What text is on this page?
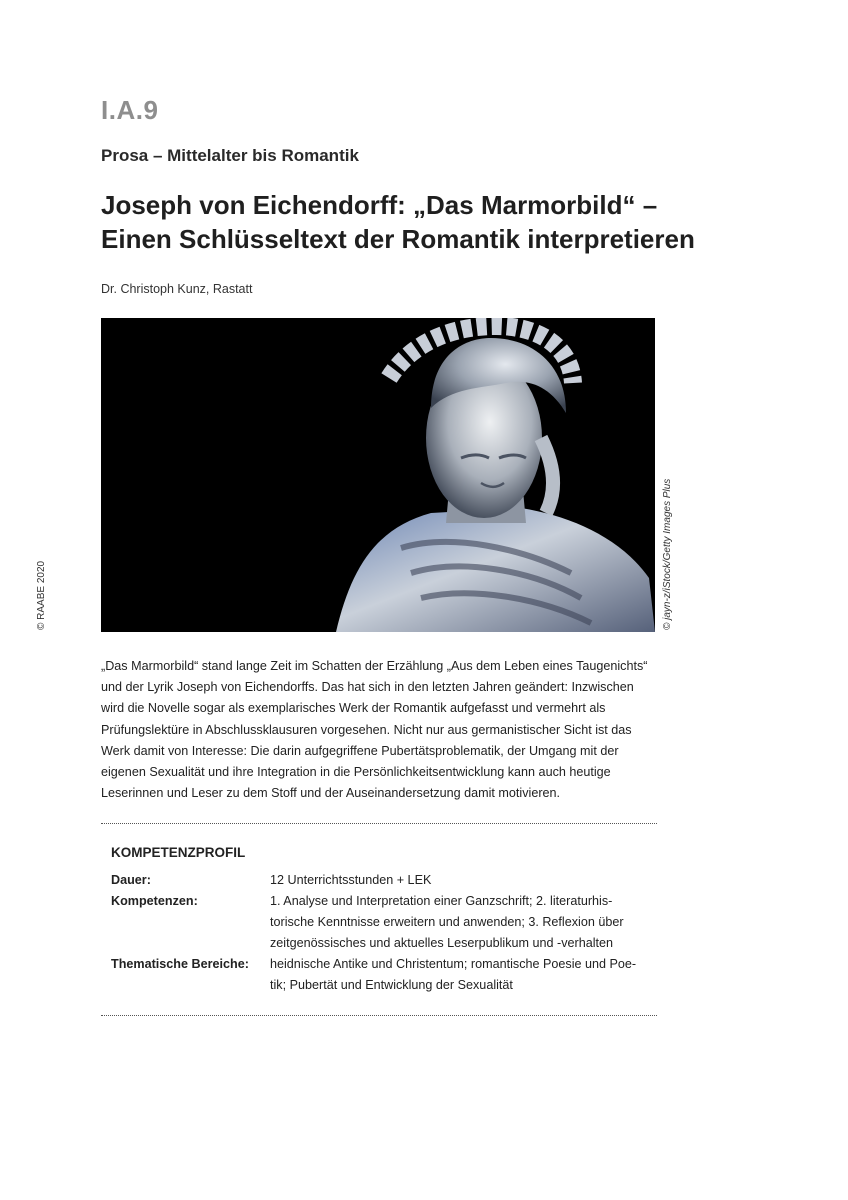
I.A.9
Prosa – Mittelalter bis Romantik
Joseph von Eichendorff: „Das Marmorbild“ –
Einen Schlüsseltext der Romantik interpretieren
Dr. Christoph Kunz, Rastatt
© jayn-z/iStock/Getty Images Plus
© RAABE 2020
„Das Marmorbild“ stand lange Zeit im Schatten der Erzählung „Aus dem Leben eines Taugenichts“ und der Lyrik Joseph von Eichendorffs. Das hat sich in den letzten Jahren geändert: Inzwischen wird die Novelle sogar als exemplarisches Werk der Romantik aufgefasst und vermehrt als Prüfungslektüre in Abschlussklausuren vorgesehen. Nicht nur aus germanistischer Sicht ist das Werk damit von Interesse: Die darin aufgegriffene Pubertätsproblematik, der Umgang mit der eigenen Sexualität und ihre Integration in die Persönlichkeitsentwicklung kann auch heutige Leserinnen und Leser zu dem Stoff und der Auseinandersetzung damit motivieren.
KOMPETENZPROFIL
Dauer:	12 Unterrichtsstunden + LEK
Kompetenzen:	1. Analyse und Interpretation einer Ganzschrift; 2. literaturhis-torische Kenntnisse erweitern und anwenden; 3. Reflexion über zeitgenössisches und aktuelles Leserpublikum und -verhalten
Thematische Bereiche: heidnische Antike und Christentum; romantische Poesie und Poe-tik; Pubertät und Entwicklung der Sexualität
